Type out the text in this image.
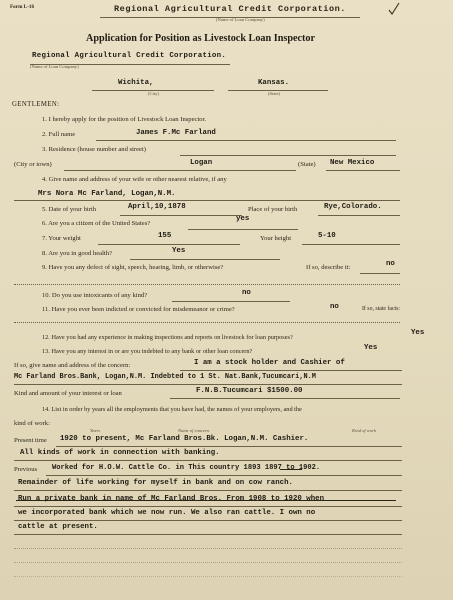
Form L-16	Regional Agricultural Credit Corporation.
(Name of Loan Company)
Application for Position as Livestock Loan Inspector
Regional Agricultural Credit Corporation.
(Name of Loan Company)
Wichita,	Kansas.
(City)	(State)
GENTLEMEN:
1. I hereby apply for the position of Livestock Loan Inspector.
2. Full name	James F.Mc Farland
3. Residence (house number and street)
(City or town)	Logan	(State) New Mexico
4. Give name and address of your wife or other nearest relative, if any
Mrs Nora Mc Farland, Logan,N.M.
5. Date of your birth	April,10,1878	Place of your birth	Rye,Colorado.
6. Are you a citizen of the United States?
yes
7. Your weight	155	Your height	5-10
8. Are you in good health?	Yes
9. Have you any defect of sight, speech, hearing, limb, or otherwise?	If so, describe it:	no
10. Do you use intoxicants of any kind?	no
11. Have you ever been indicted or convicted for misdemeanor or crime?	no	If so, state facts:
12. Have you had any experience in making inspections and reports on livestock for loan purposes?
Yes
13. Have you any interest in or are you indebted to any bank or other loan concern?	Yes
If so, give name and address of the concern:	I am a stock holder and Cashier of
Mc Farland Bros.Bank, Logan,N.M. Indebted to 1 St. Nat.Bank,Tucumcari,N.M
Kind and amount of your interest or loan	F.N.B.Tucumcari $1500.00
14. List in order by years all the employments that you have had, the names of your employers, and the
kind of work:
Years	Name of concern	Kind of work
Present time 1920 to present, Mc Farland Bros.Bk. Logan,N.M. Cashier.
All kinds of work in connection with banking.
Previous Worked for H.O.W. Cattle Co. in This country 1893 1897 to 1902.
Remainder of life working for myself in bank and on cow ranch.
Run a private bank in name of Mc Farland Bros. From 1908 to 1920 when
we incorporated bank which we now run. We also ran cattle. I own no
cattle at present.
